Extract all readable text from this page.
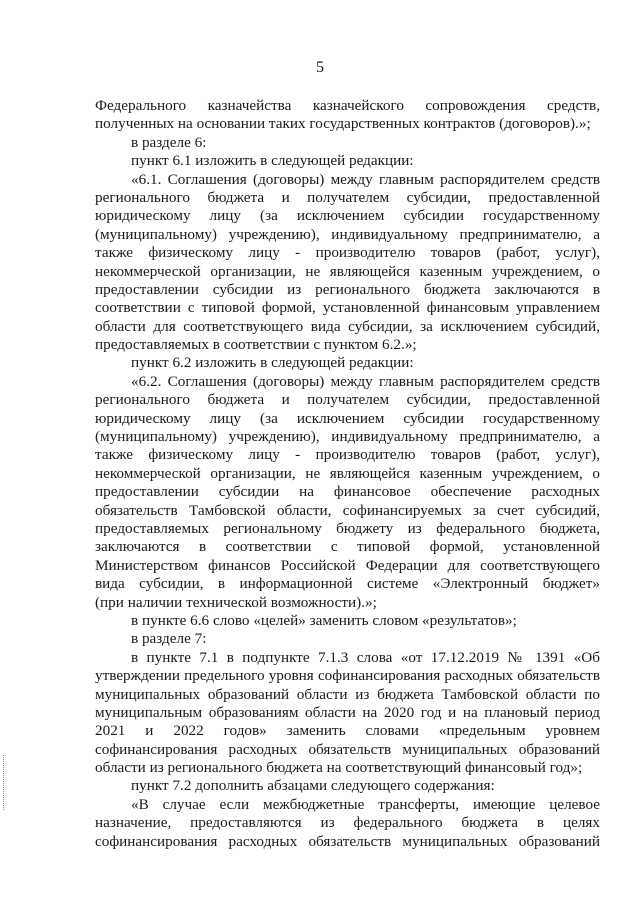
5
Федерального казначейства казначейского сопровождения средств,
полученных на основании таких государственных контрактов (договоров).»;
в разделе 6:
пункт 6.1 изложить в следующей редакции:
«6.1. Соглашения (договоры) между главным распорядителем средств
регионального бюджета и получателем субсидии, предоставленной
юридическому лицу (за исключением субсидии государственному
(муниципальному) учреждению), индивидуальному предпринимателю, а
также физическому лицу - производителю товаров (работ, услуг),
некоммерческой организации, не являющейся казенным учреждением, о
предоставлении субсидии из регионального бюджета заключаются в
соответствии с типовой формой, установленной финансовым управлением
области для соответствующего вида субсидии, за исключением субсидий,
предоставляемых в соответствии с пунктом 6.2.»;
пункт 6.2 изложить в следующей редакции:
«6.2. Соглашения (договоры) между главным распорядителем средств
регионального бюджета и получателем субсидии, предоставленной
юридическому лицу (за исключением субсидии государственному
(муниципальному) учреждению), индивидуальному предпринимателю, а
также физическому лицу - производителю товаров (работ, услуг),
некоммерческой организации, не являющейся казенным учреждением, о
предоставлении субсидии на финансовое обеспечение расходных
обязательств Тамбовской области, софинансируемых за счет субсидий,
предоставляемых региональному бюджету из федерального бюджета,
заключаются в соответствии с типовой формой, установленной
Министерством финансов Российской Федерации для соответствующего
вида субсидии, в информационной системе «Электронный бюджет»
(при наличии технической возможности).»;
в пункте 6.6 слово «целей» заменить словом «результатов»;
в разделе 7:
в пункте 7.1 в подпункте 7.1.3 слова «от 17.12.2019 № 1391 «Об
утверждении предельного уровня софинансирования расходных обязательств
муниципальных образований области из бюджета Тамбовской области по
муниципальным образованиям области на 2020 год и на плановый период
2021 и 2022 годов» заменить словами «предельным уровнем
софинансирования расходных обязательств муниципальных образований
области из регионального бюджета на соответствующий финансовый год»;
пункт 7.2 дополнить абзацами следующего содержания:
«В случае если межбюджетные трансферты, имеющие целевое
назначение, предоставляются из федерального бюджета в целях
софинансирования расходных обязательств муниципальных образований
